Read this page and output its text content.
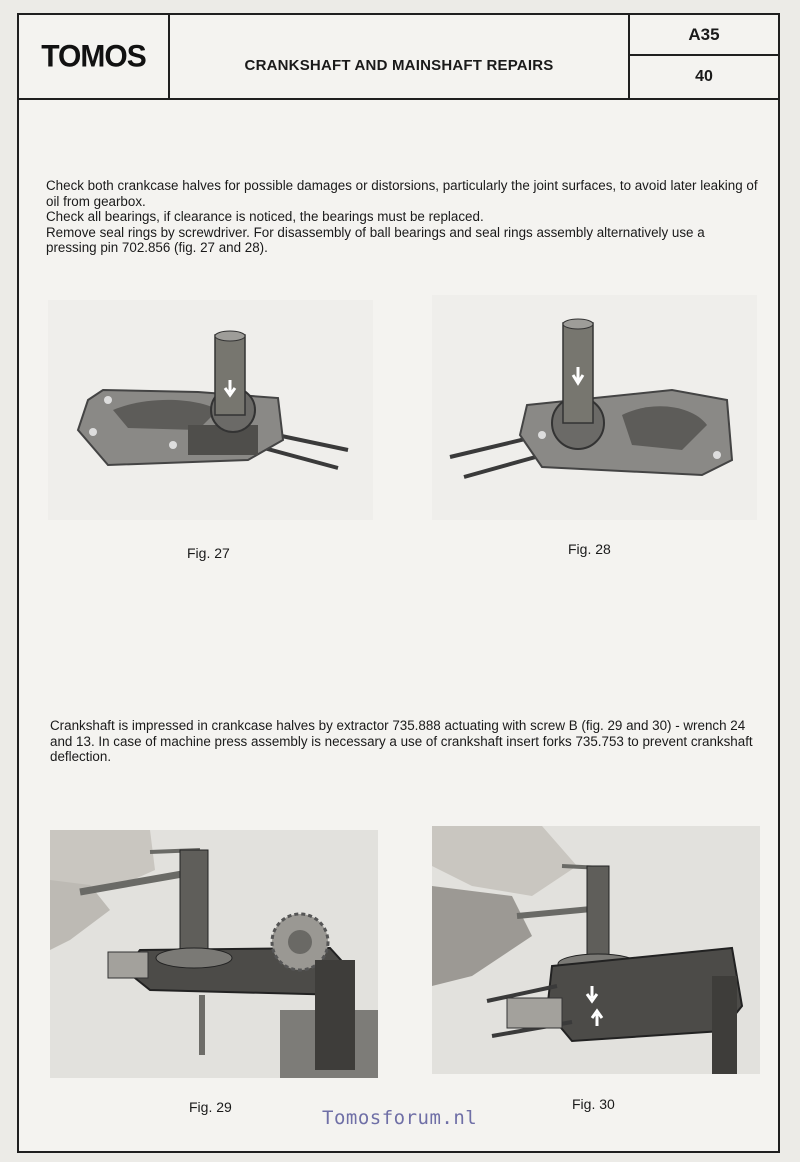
TOMOS	CRANKSHAFT AND MAINSHAFT REPAIRS
A35
40

Check both crankcase halves for possible damages or distorsions, particularly the joint surfaces, to avoid later leaking of oil from gearbox.

Check all bearings, if clearance is noticed, the bearings must be replaced.

Remove seal rings by screwdriver. For disassembly of ball bearings and seal rings assembly alternatively use a pressing pin 702.856 (fig. 27 and 28).

Fig. 27	Fig. 28
Crankshaft is impressed in crankcase halves by extractor 735.888 actuating with screw B (fig. 29 and 30) - wrench 24 and 13. In case of machine press assembly is necessary a use of crankshaft insert forks 735.753 to prevent crankshaft deflection.
Fig. 29	Fig. 30
Tomosforum.nl
